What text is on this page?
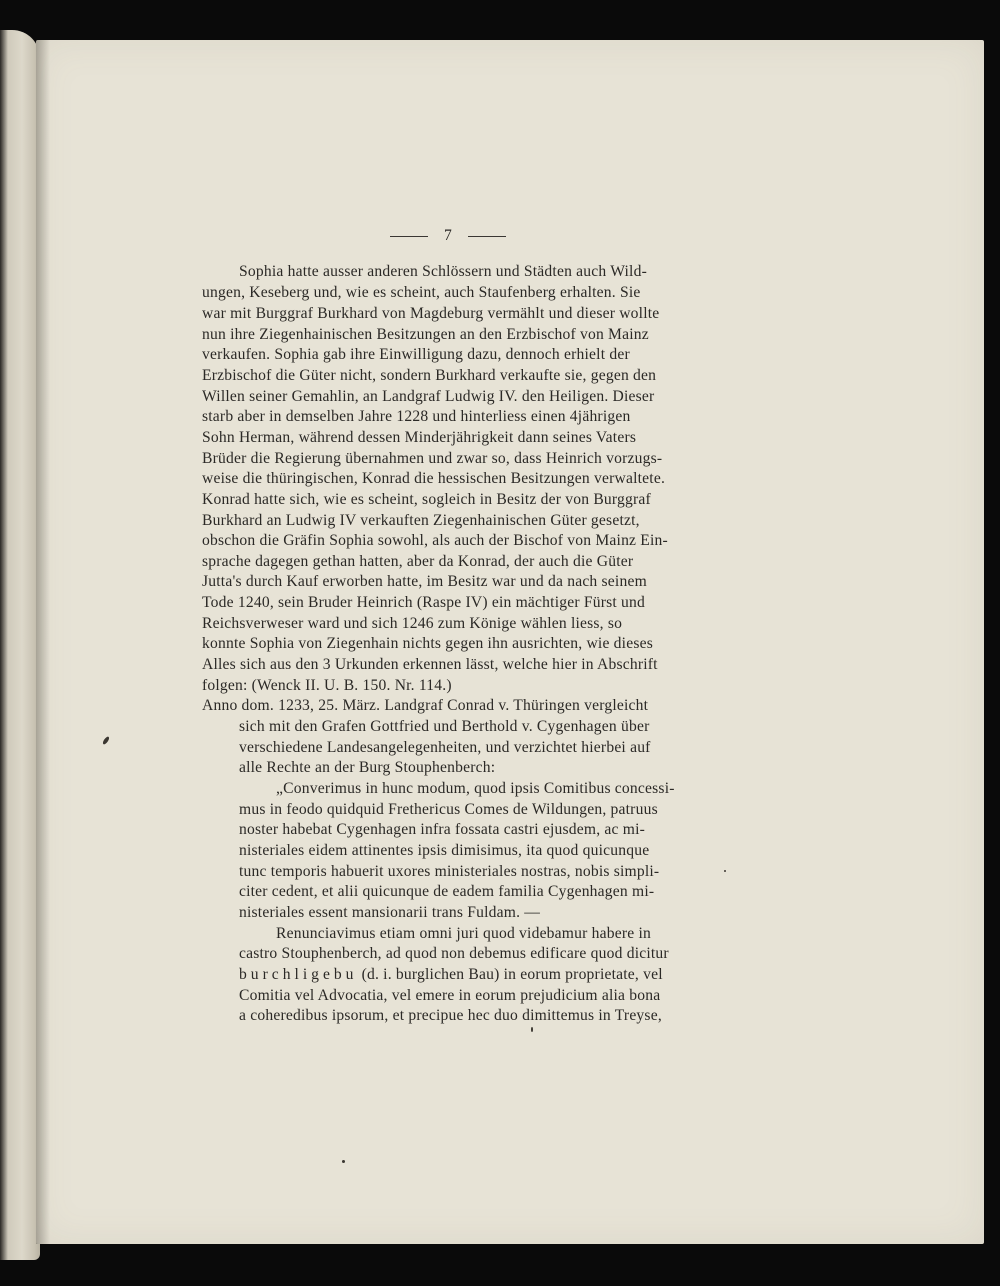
7
Sophia hatte ausser anderen Schlössern und Städten auch Wild-
ungen, Keseberg und, wie es scheint, auch Staufenberg erhalten. Sie
war mit Burggraf Burkhard von Magdeburg vermählt und dieser wollte
nun ihre Ziegenhainischen Besitzungen an den Erzbischof von Mainz
verkaufen. Sophia gab ihre Einwilligung dazu, dennoch erhielt der
Erzbischof die Güter nicht, sondern Burkhard verkaufte sie, gegen den
Willen seiner Gemahlin, an Landgraf Ludwig IV. den Heiligen. Dieser
starb aber in demselben Jahre 1228 und hinterliess einen 4jährigen
Sohn Herman, während dessen Minderjährigkeit dann seines Vaters
Brüder die Regierung übernahmen und zwar so, dass Heinrich vorzugs-
weise die thüringischen, Konrad die hessischen Besitzungen verwaltete.
Konrad hatte sich, wie es scheint, sogleich in Besitz der von Burggraf
Burkhard an Ludwig IV verkauften Ziegenhainischen Güter gesetzt,
obschon die Gräfin Sophia sowohl, als auch der Bischof von Mainz Ein-
sprache dagegen gethan hatten, aber da Konrad, der auch die Güter
Jutta's durch Kauf erworben hatte, im Besitz war und da nach seinem
Tode 1240, sein Bruder Heinrich (Raspe IV) ein mächtiger Fürst und
Reichsverweser ward und sich 1246 zum Könige wählen liess, so
konnte Sophia von Ziegenhain nichts gegen ihn ausrichten, wie dieses
Alles sich aus den 3 Urkunden erkennen lässt, welche hier in Abschrift
folgen: (Wenck II. U. B. 150. Nr. 114.)
Anno dom. 1233, 25. März. Landgraf Conrad v. Thüringen vergleicht
sich mit den Grafen Gottfried und Berthold v. Cygenhagen über
verschiedene Landesangelegenheiten, und verzichtet hierbei auf
alle Rechte an der Burg Stouphenberch:
„Converimus in hunc modum, quod ipsis Comitibus concessi-
mus in feodo quidquid Frethericus Comes de Wildungen, patruus
noster habebat Cygenhagen infra fossata castri ejusdem, ac mi-
nisteriales eidem attinentes ipsis dimisimus, ita quod quicunque
tunc temporis habuerit uxores ministeriales nostras, nobis simpli-
citer cedent, et alii quicunque de eadem familia Cygenhagen mi-
nisteriales essent mansionarii trans Fuldam. —
Renunciavimus etiam omni juri quod videbamur habere in
castro Stouphenberch, ad quod non debemus edificare quod dicitur
burchligebu (d. i. burglichen Bau) in eorum proprietate, vel
Comitia vel Advocatia, vel emere in eorum prejudicium alia bona
a coheredibus ipsorum, et precipue hec duo dimittemus in Treyse,
